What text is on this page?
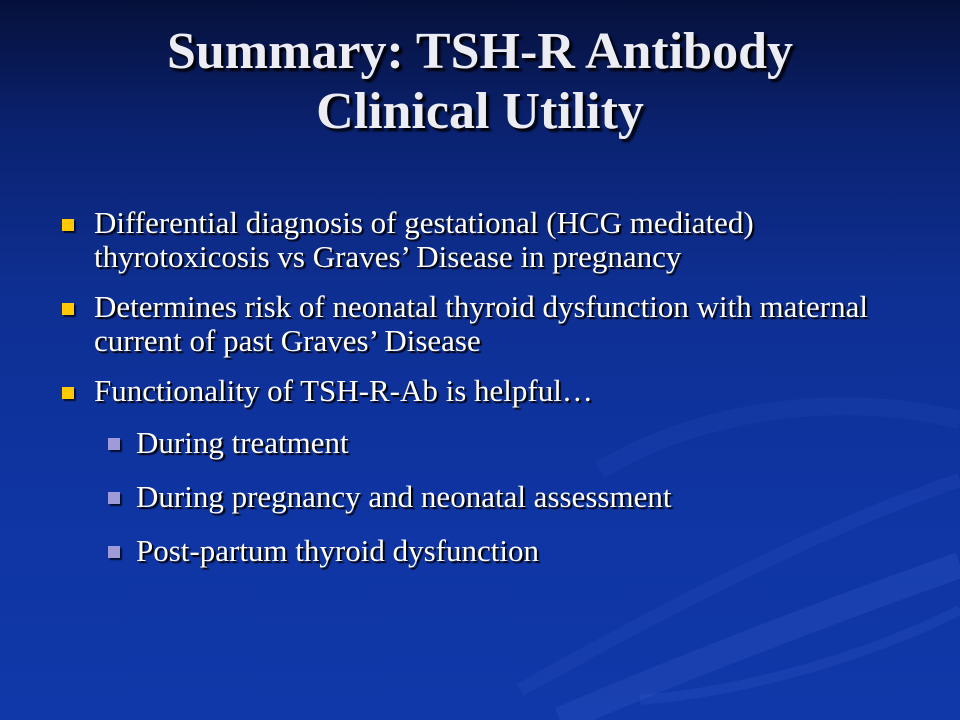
Summary: TSH-R Antibody
Clinical Utility
Differential diagnosis of gestational (HCG mediated) thyrotoxicosis vs Graves’ Disease in pregnancy
Determines risk of neonatal thyroid dysfunction with maternal current of past Graves’ Disease
Functionality of TSH-R-Ab is helpful…
During treatment
During pregnancy and neonatal assessment
Post-partum thyroid dysfunction
